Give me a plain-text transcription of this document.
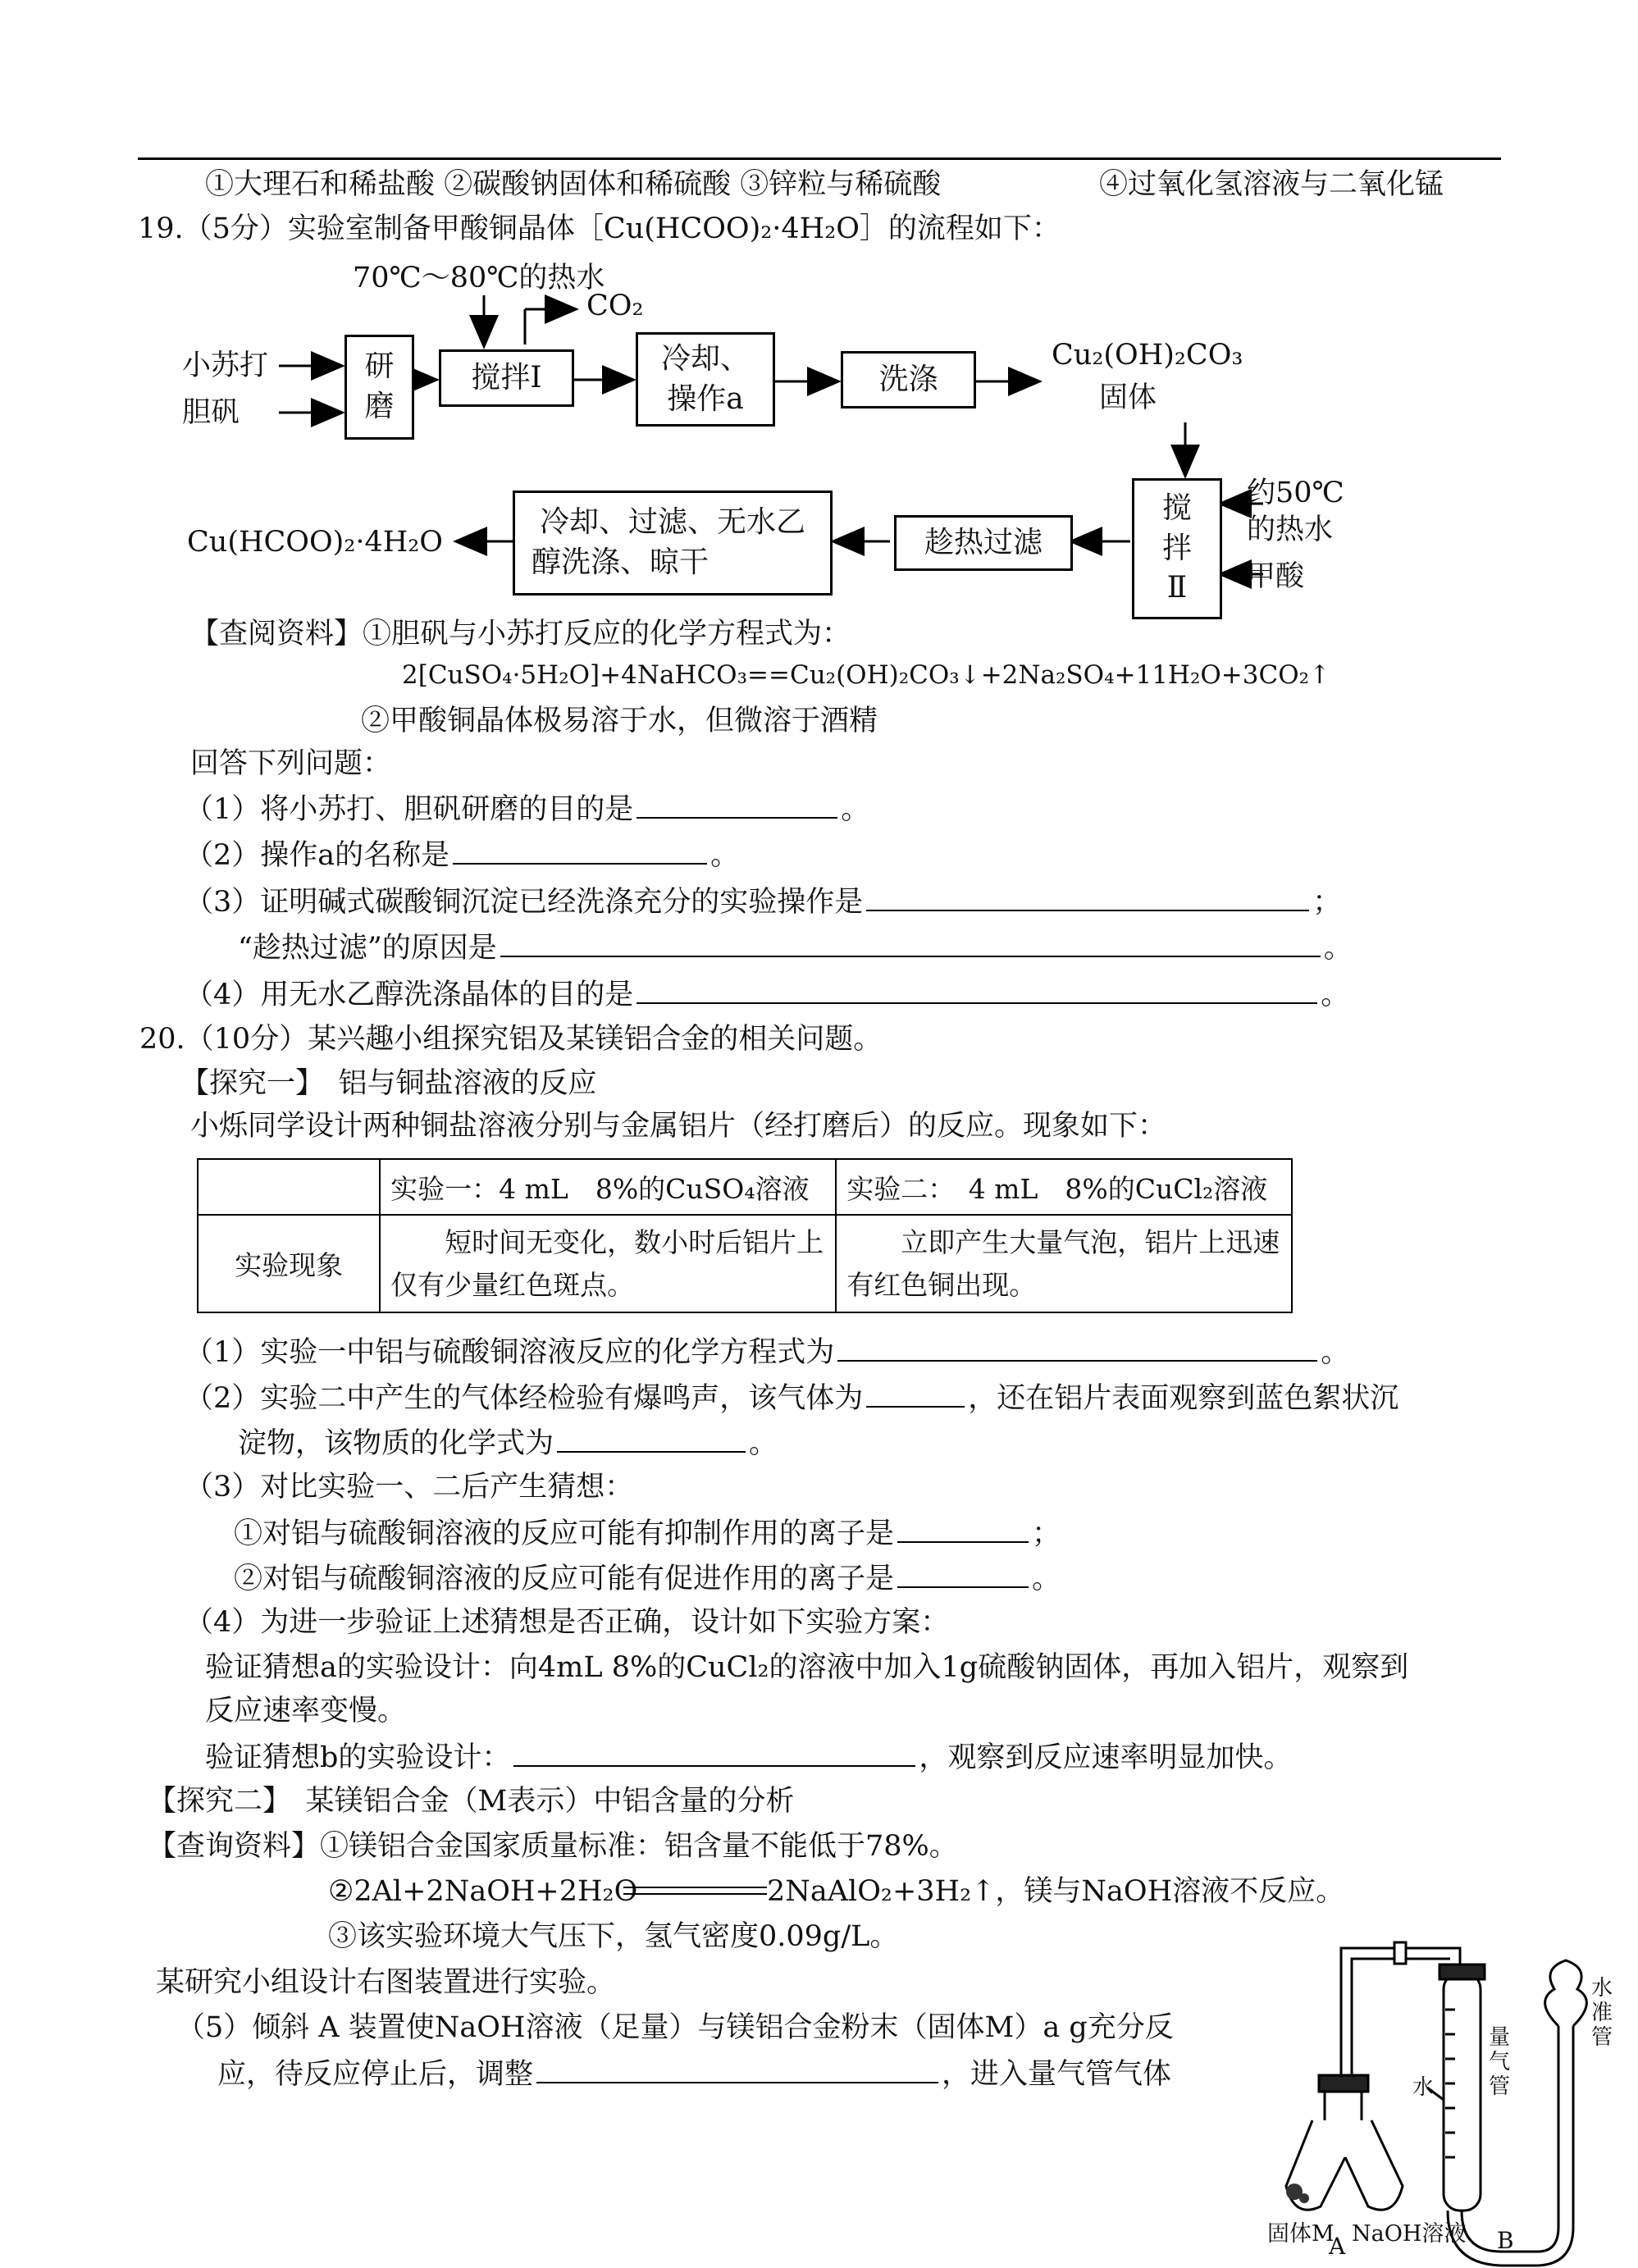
①大理石和稀盐酸 ②碳酸钠固体和稀硫酸 ③锌粒与稀硫酸	④过氧化氢溶液与二氧化锰
19.（5分）实验室制备甲酸铜晶体［Cu(HCOO)₂·4H₂O］的流程如下：
70℃～80℃的热水
CO₂
小苏打
胆矾
研磨
搅拌Ⅰ
冷却、
操作a
洗涤
Cu₂(OH)₂CO₃
固体
搅拌Ⅱ
约50℃
的热水
甲酸
趁热过滤
冷却、过滤、无水乙
醇洗涤、晾干
Cu(HCOO)₂·4H₂O
【查阅资料】①胆矾与小苏打反应的化学方程式为：
2[CuSO₄·5H₂O]+4NaHCO₃==Cu₂(OH)₂CO₃↓+2Na₂SO₄+11H₂O+3CO₂↑
②甲酸铜晶体极易溶于水，但微溶于酒精
回答下列问题：
（1）将小苏打、胆矾研磨的目的是	。
（2）操作a的名称是	。
（3）证明碱式碳酸铜沉淀已经洗涤充分的实验操作是	；
“趁热过滤”的原因是	。
（4）用无水乙醇洗涤晶体的目的是	。
20.（10分）某兴趣小组探究铝及某镁铝合金的相关问题。
【探究一】　铝与铜盐溶液的反应
小烁同学设计两种铜盐溶液分别与金属铝片（经打磨后）的反应。现象如下：
	实验一：4 mL　8%的CuSO₄溶液	实验二：　4 mL　8%的CuCl₂溶液
实验现象	短时间无变化，数小时后铝片上仅有少量红色斑点。	立即产生大量气泡，铝片上迅速有红色铜出现。
（1）实验一中铝与硫酸铜溶液反应的化学方程式为	。
（2）实验二中产生的气体经检验有爆鸣声，该气体为	，还在铝片表面观察到蓝色絮状沉
淀物，该物质的化学式为	。
（3）对比实验一、二后产生猜想：
①对铝与硫酸铜溶液的反应可能有抑制作用的离子是	；
②对铝与硫酸铜溶液的反应可能有促进作用的离子是	。
（4）为进一步验证上述猜想是否正确，设计如下实验方案：
验证猜想a的实验设计：向4mL 8%的CuCl₂的溶液中加入1g硫酸钠固体，再加入铝片，观察到
反应速率变慢。
验证猜想b的实验设计：	，观察到反应速率明显加快。
【探究二】　某镁铝合金（M表示）中铝含量的分析
【查询资料】①镁铝合金国家质量标准：铝含量不能低于78%。
②2Al+2NaOH+2H₂O	2NaAlO₂+3H₂↑，镁与NaOH溶液不反应。
③该实验环境大气压下，氢气密度0.09g/L。
某研究小组设计右图装置进行实验。
（5）倾斜 A 装置使NaOH溶液（足量）与镁铝合金粉末（固体M）a g充分反
应，待反应停止后，调整	，进入量气管气体
固体M NaOH溶液
水
量气管
水准管
A	B
